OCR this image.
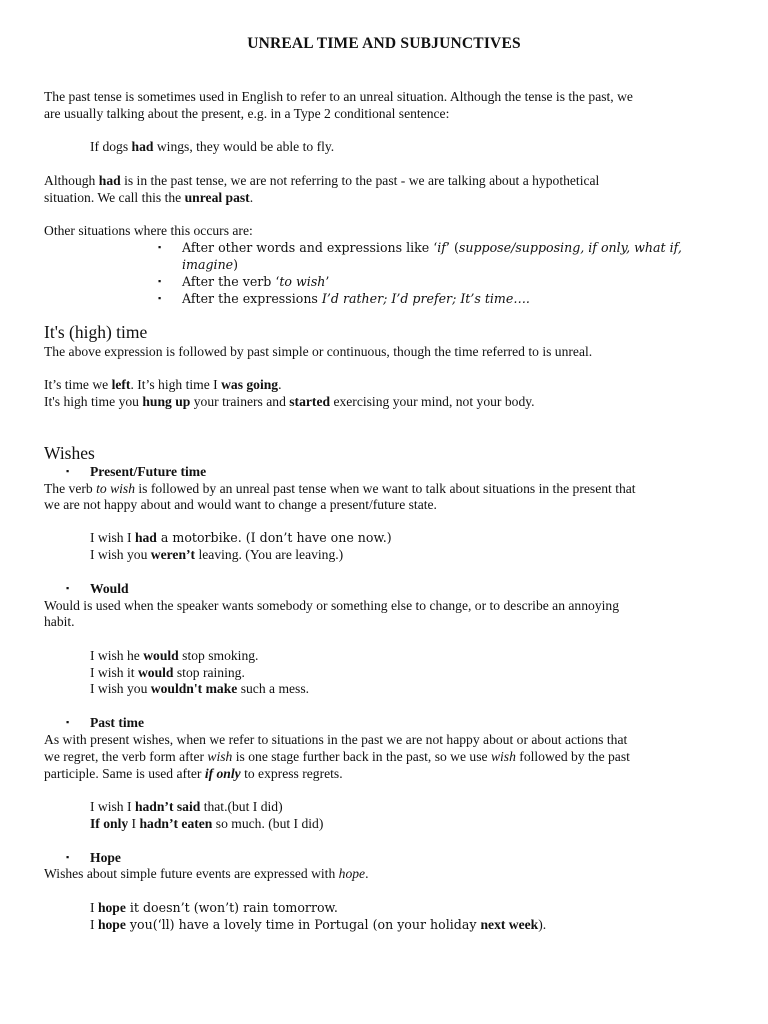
UNREAL TIME AND SUBJUNCTIVES
The past tense is sometimes used in English to refer to an unreal situation. Although the tense is the past, we
are usually talking about the present, e.g. in a Type 2 conditional sentence:
If dogs had wings, they would be able to fly.
Although had is in the past tense, we are not referring to the past - we are talking about a hypothetical
situation. We call this the unreal past.
Other situations where this occurs are:
▪ After other words and expressions like ‘if’ (suppose/supposing, if only, what if,
imagine)
▪ After the verb ‘to wish’
▪ After the expressions I’d rather; I’d prefer; It’s time….
It's (high) time
The above expression is followed by past simple or continuous, though the time referred to is unreal.
It’s time we left. It’s high time I was going.
It's high time you hung up your trainers and started exercising your mind, not your body.
Wishes
▪ Present/Future time
The verb to wish is followed by an unreal past tense when we want to talk about situations in the present that
we are not happy about and would want to change a present/future state.
I wish I had a motorbike. (I don’t have one now.)
I wish you weren’t leaving. (You are leaving.)
▪ Would
Would is used when the speaker wants somebody or something else to change, or to describe an annoying
habit.
I wish he would stop smoking.
I wish it would stop raining.
I wish you wouldn't make such a mess.
▪ Past time
As with present wishes, when we refer to situations in the past we are not happy about or about actions that
we regret, the verb form after wish is one stage further back in the past, so we use wish followed by the past
participle. Same is used after if only to express regrets.
I wish I hadn’t said that.(but I did)
If only I hadn’t eaten so much. (but I did)
▪ Hope
Wishes about simple future events are expressed with hope.
I hope it doesn’t (won’t) rain tomorrow.
I hope you(‘ll) have a lovely time in Portugal (on your holiday next week).
